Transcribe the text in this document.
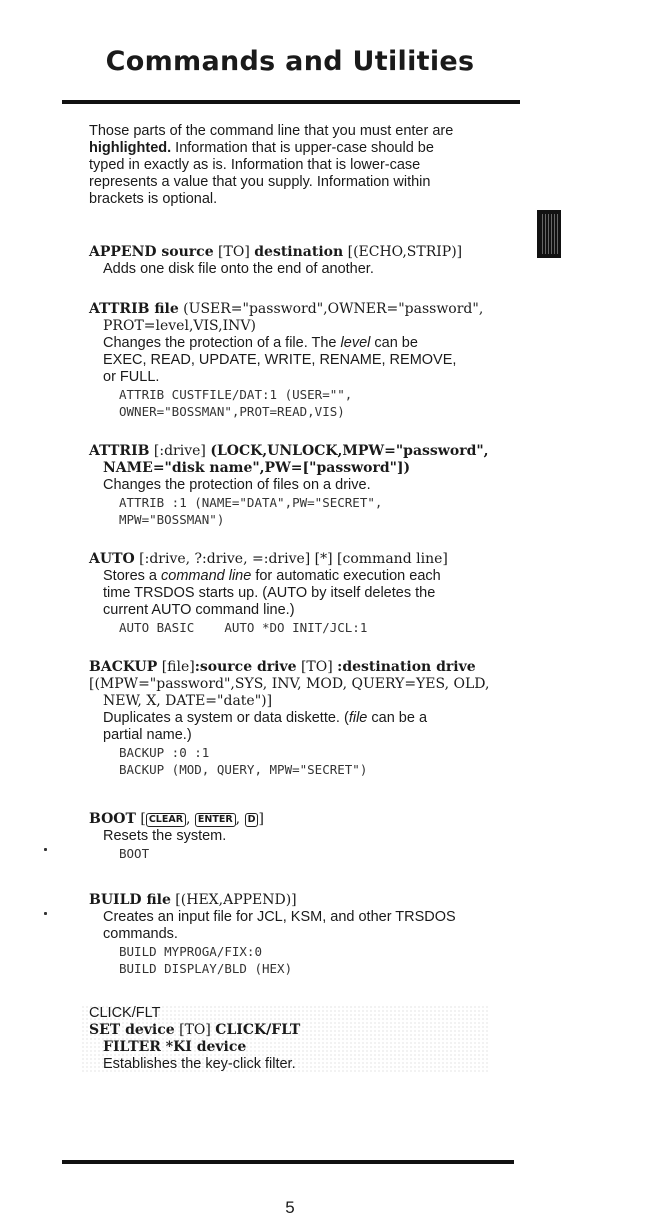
Commands and Utilities
Those parts of the command line that you must enter are
highlighted. Information that is upper-case should be
typed in exactly as is. Information that is lower-case
represents a value that you supply. Information within
brackets is optional.
APPEND source [TO] destination [(ECHO,STRIP)]
Adds one disk file onto the end of another.
ATTRIB file (USER="password",OWNER="password",
PROT=level,VIS,INV)
Changes the protection of a file. The level can be
EXEC, READ, UPDATE, WRITE, RENAME, REMOVE,
or FULL.
ATTRIB CUSTFILE/DAT:1 (USER="",
OWNER="BOSSMAN",PROT=READ,VIS)
ATTRIB [:drive] (LOCK,UNLOCK,MPW="password",
NAME="disk name",PW=["password"])
Changes the protection of files on a drive.
ATTRIB :1 (NAME="DATA",PW="SECRET",
MPW="BOSSMAN")
AUTO [:drive, ?:drive, =:drive] [*] [command line]
Stores a command line for automatic execution each
time TRSDOS starts up. (AUTO by itself deletes the
current AUTO command line.)
AUTO BASIC    AUTO *DO INIT/JCL:1
BACKUP [file]:source drive [TO] :destination drive
[(MPW="password",SYS, INV, MOD, QUERY=YES, OLD,
NEW, X, DATE="date")]
Duplicates a system or data diskette. (file can be a
partial name.)
BACKUP :0 :1
BACKUP (MOD, QUERY, MPW="SECRET")
BOOT [ CLEAR , ENTER , D ]
Resets the system.
BOOT
BUILD file [(HEX,APPEND)]
Creates an input file for JCL, KSM, and other TRSDOS
commands.
BUILD MYPROGA/FIX:0
BUILD DISPLAY/BLD (HEX)
CLICK/FLT
SET device [TO] CLICK/FLT
FILTER *KI device
Establishes the key-click filter.
5
